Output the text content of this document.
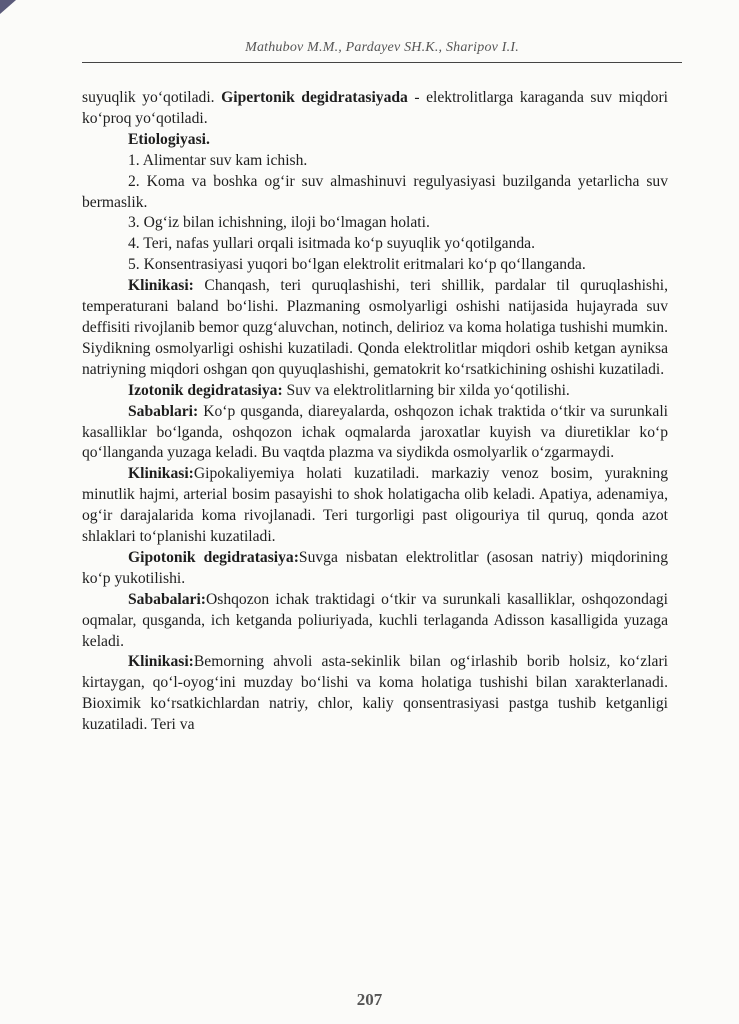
Mathubov M.M., Pardayev SH.K., Sharipov I.I.

suyuqlik yo‘qotiladi. Gipertonik degidratasiyada - elektrolitlarga karaganda suv miqdori ko‘proq yo‘qotiladi.

Etiologiyasi.

1. Alimentar suv kam ichish.

2. Koma va boshka og‘ir suv almashinuvi regulyasiyasi buzilganda yetarlicha suv bermaslik.

3. Og‘iz bilan ichishning, iloji bo‘lmagan holati.

4. Teri, nafas yullari orqali isitmada ko‘p suyuqlik yo‘qotilganda.

5. Konsentrasiyasi yuqori bo‘lgan elektrolit eritmalari ko‘p qo‘llanganda.

Klinikasi: Chanqash, teri quruqlashishi, teri shillik, pardalar til quruqlashishi, temperaturani baland bo‘lishi. Plazmaning osmolyarligi oshishi natijasida hujayrada suv deffisiti rivojlanib bemor quzg‘aluvchan, notinch, delirioz va koma holatiga tushishi mumkin. Siydikning osmolyarligi oshishi kuzatiladi. Qonda elektrolitlar miqdori oshib ketgan ayniksa natriyning miqdori oshgan qon quyuqlashishi, gematokrit ko‘rsatkichining oshishi kuzatiladi.

Izotonik degidratasiya: Suv va elektrolitlarning bir xilda yo‘qotilishi.

Sabablari: Ko‘p qusganda, diareyalarda, oshqozon ichak traktida o‘tkir va surunkali kasalliklar bo‘lganda, oshqozon ichak oqmalarda jaroxatlar kuyish va diuretiklar ko‘p qo‘llanganda yuzaga keladi. Bu vaqtda plazma va siydikda osmolyarlik o‘zgarmaydi.

Klinikasi:Gipokaliyemiya holati kuzatiladi. markaziy venoz bosim, yurakning minutlik hajmi, arterial bosim pasayishi to shok holatigacha olib keladi. Apatiya, adenamiya, og‘ir darajalarida koma rivojlanadi. Teri turgorligi past oligouriya til quruq, qonda azot shlaklari to‘planishi kuzatiladi.

Gipotonik degidratasiya:Suvga nisbatan elektrolitlar (asosan natriy) miqdorining ko‘p yukotilishi.

Sababalari:Oshqozon ichak traktidagi o‘tkir va surunkali kasalliklar, oshqozondagi oqmalar, qusganda, ich ketganda poliuriyada, kuchli terlaganda Adisson kasalligida yuzaga keladi.

Klinikasi:Bemorning ahvoli asta-sekinlik bilan og‘irlashib borib holsiz, ko‘zlari kirtaygan, qo‘l-oyog‘ini muzday bo‘lishi va koma holatiga tushishi bilan xarakterlanadi. Bioximik ko‘rsatkichlardan natriy, chlor, kaliy qonsentrasiyasi pastga tushib ketganligi kuzatiladi. Teri va

207
